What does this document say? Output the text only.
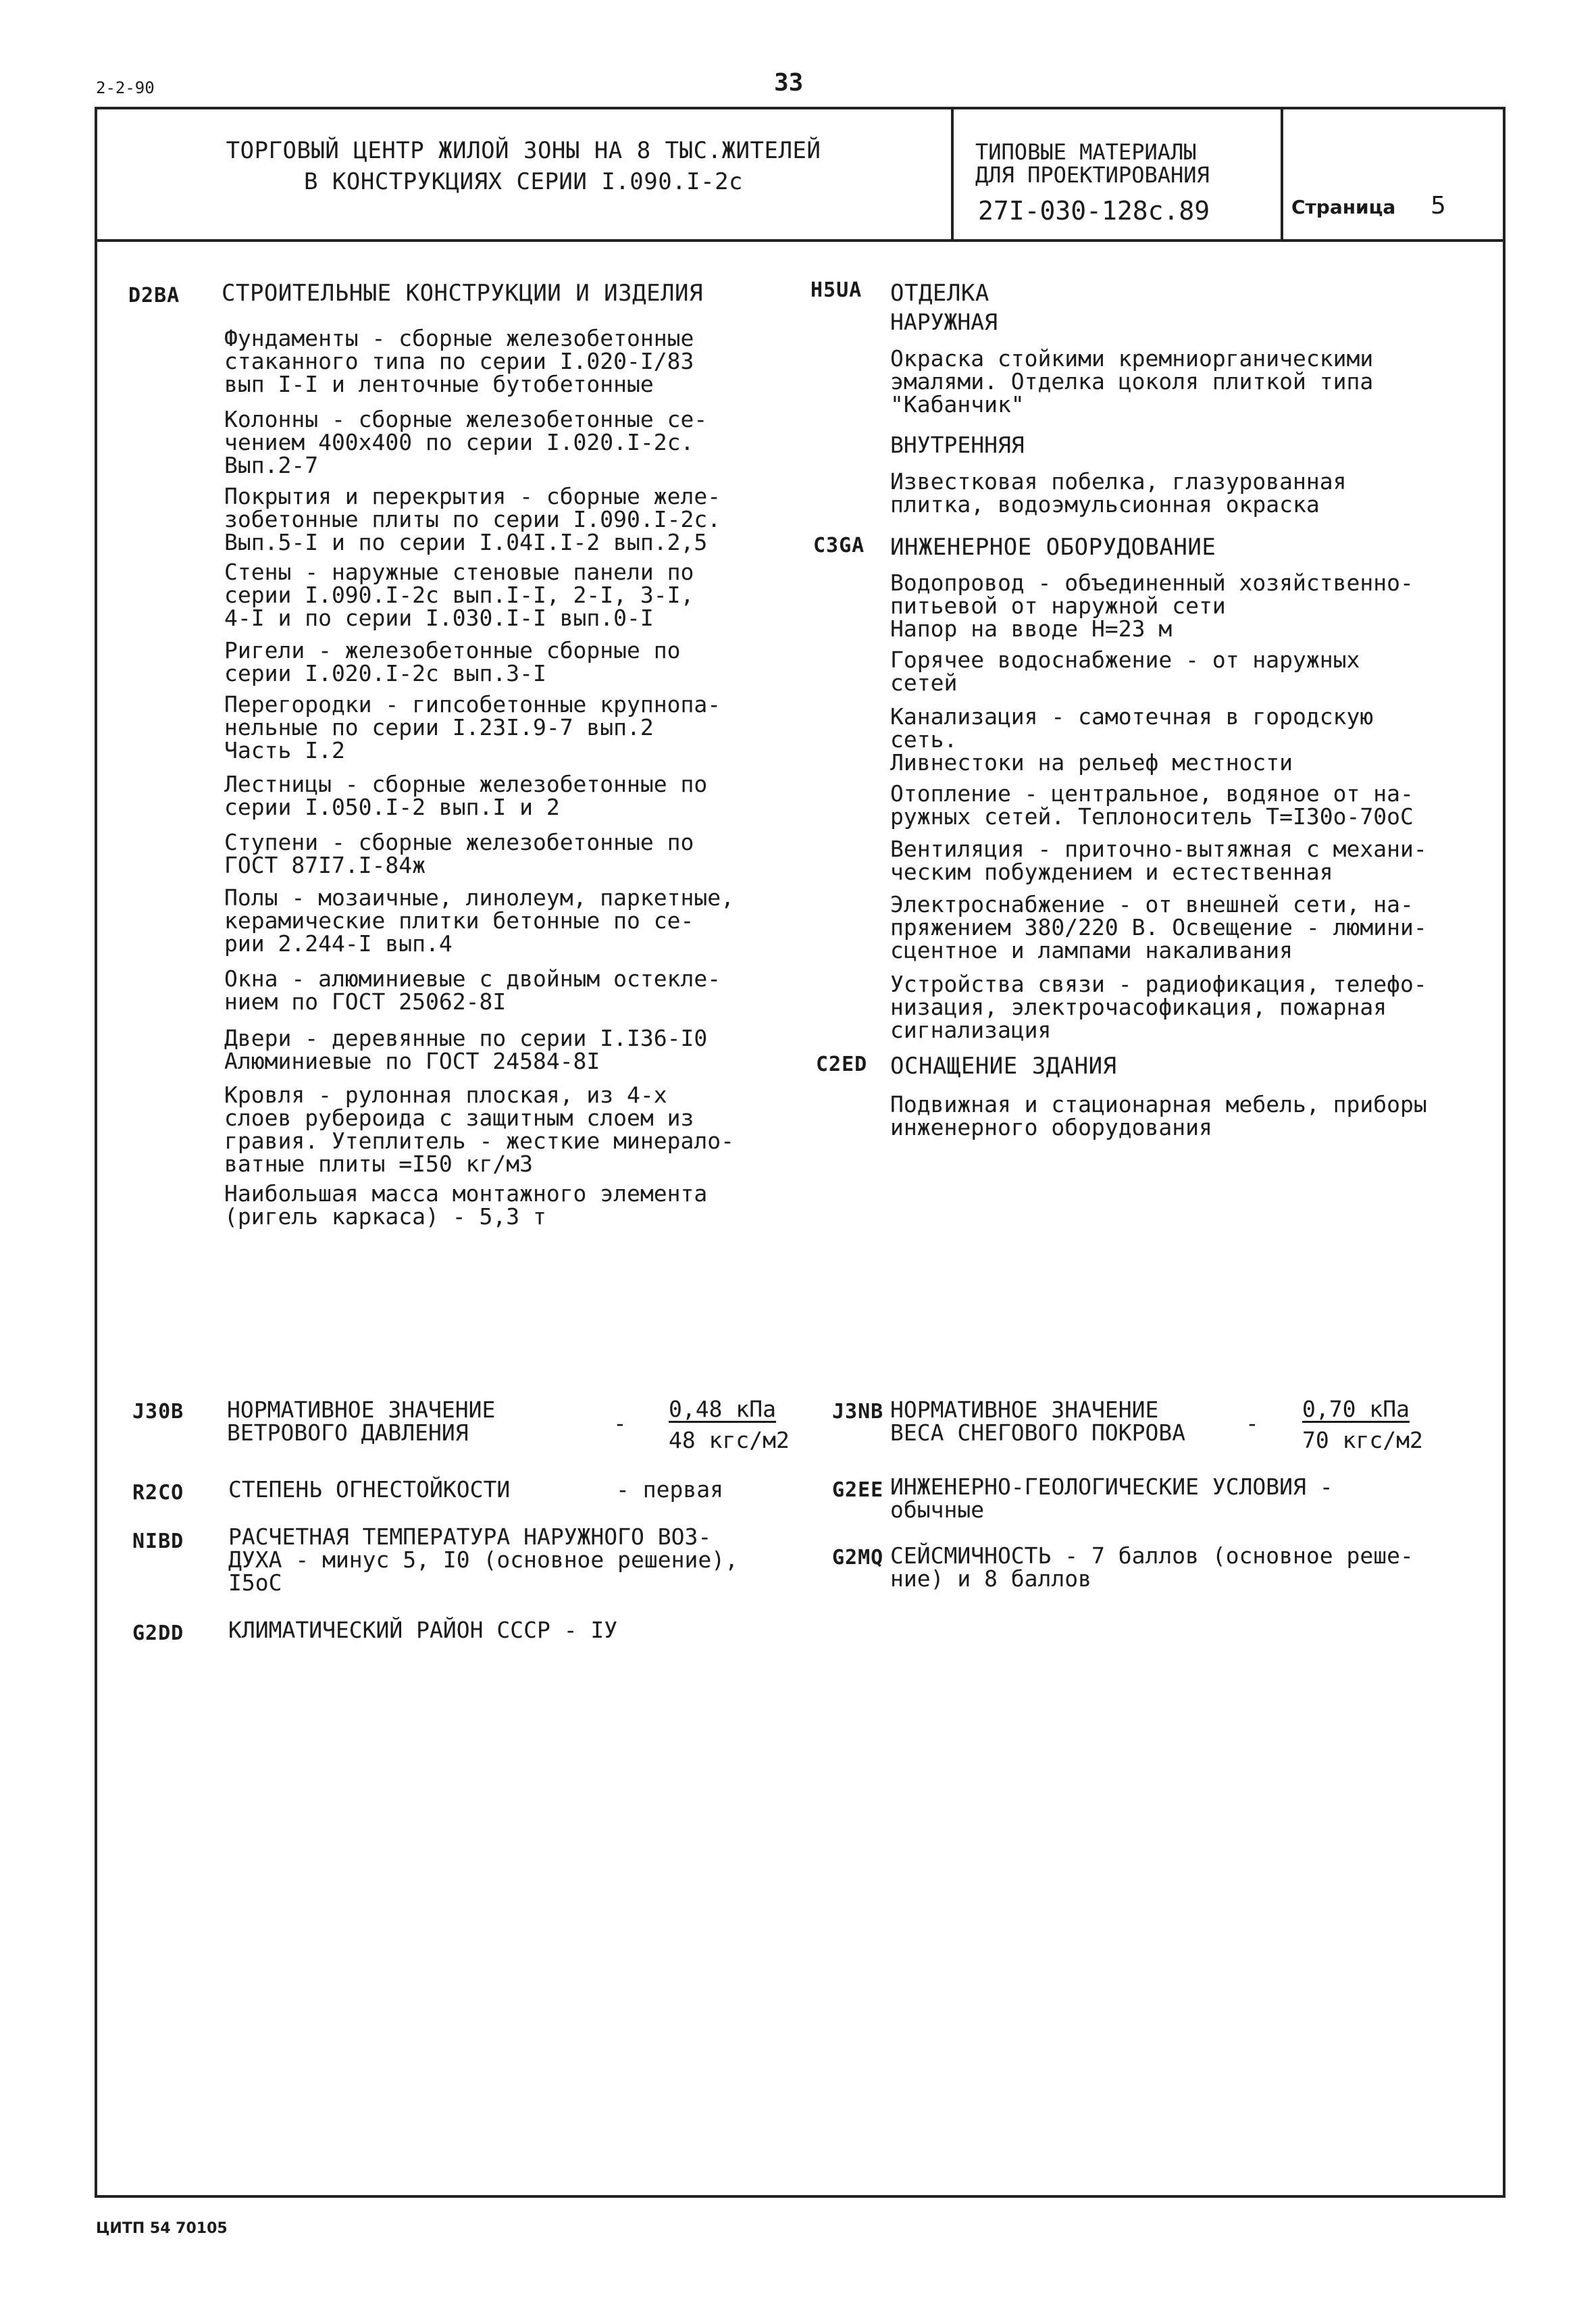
2-2-90	33
ТОРГОВЫЙ ЦЕНТР ЖИЛОЙ ЗОНЫ НА 8 ТЫС.ЖИТЕЛЕЙ
В КОНСТРУКЦИЯХ СЕРИИ I.090.I-2с
ТИПОВЫЕ МАТЕРИАЛЫ
ДЛЯ ПРОЕКТИРОВАНИЯ
27I-030-128с.89	Страница 5
D2BA СТРОИТЕЛЬНЫЕ КОНСТРУКЦИИ И ИЗДЕЛИЯ
Фундаменты - сборные железобетонные
стаканного типа по серии I.020-I/83
вып I-I и ленточные бутобетонные
Колонны - сборные железобетонные се-
чением 400x400 по серии I.020.I-2с.
Вып.2-7
Покрытия и перекрытия - сборные желе-
зобетонные плиты по серии I.090.I-2с.
Вып.5-I и по серии I.04I.I-2 вып.2,5
Стены - наружные стеновые панели по
серии I.090.I-2с вып.I-I, 2-I, 3-I,
4-I и по серии I.030.I-I вып.0-I
Ригели - железобетонные сборные по
серии I.020.I-2с вып.3-I
Перегородки - гипсобетонные крупнопа-
нельные по серии I.23I.9-7 вып.2
Часть I.2
Лестницы - сборные железобетонные по
серии I.050.I-2 вып.I и 2
Ступени - сборные железобетонные по
ГОСТ 87I7.I-84ж
Полы - мозаичные, линолеум, паркетные,
керамические плитки бетонные по се-
рии 2.244-I вып.4
Окна - алюминиевые с двойным остекле-
нием по ГОСТ 25062-8I
Двери - деревянные по серии I.I36-I0
Алюминиевые по ГОСТ 24584-8I
Кровля - рулонная плоская, из 4-х
слоев рубероида с защитным слоем из
гравия. Утеплитель - жесткие минерало-
ватные плиты =I50 кг/м3
Наибольшая масса монтажного элемента
(ригель каркаса) - 5,3 т
H5UA ОТДЕЛКА
НАРУЖНАЯ
Окраска стойкими кремниорганическими
эмалями. Отделка цоколя плиткой типа
"Кабанчик"
ВНУТРЕННЯЯ
Известковая побелка, глазурованная
плитка, водоэмульсионная окраска
C3GA ИНЖЕНЕРНОЕ ОБОРУДОВАНИЕ
Водопровод - объединенный хозяйственно-
питьевой от наружной сети
Напор на вводе Н=23 м
Горячее водоснабжение - от наружных
сетей
Канализация - самотечная в городскую
сеть.
Ливнестоки на рельеф местности
Отопление - центральное, водяное от на-
ружных сетей. Теплоноситель Т=I30о-70оС
Вентиляция - приточно-вытяжная с механи-
ческим побуждением и естественная
Электроснабжение - от внешней сети, на-
пряжением 380/220 В. Освещение - люмини-
сцентное и лампами накаливания
Устройства связи - радиофикация, телефо-
низация, электрочасофикация, пожарная
сигнализация
C2ED ОСНАЩЕНИЕ ЗДАНИЯ
Подвижная и стационарная мебель, приборы
инженерного оборудования
J30B НОРМАТИВНОЕ ЗНАЧЕНИЕ
ВЕТРОВОГО ДАВЛЕНИЯ	-
0,48 кПа
48 кгс/м2
J3NB НОРМАТИВНОЕ ЗНАЧЕНИЕ
ВЕСА СНЕГОВОГО ПОКРОВА	-
0,70 кПа
70 кгс/м2
R2CO СТЕПЕНЬ ОГНЕСТОЙКОСТИ	- первая	G2EE ИНЖЕНЕРНО-ГЕОЛОГИЧЕСКИЕ УСЛОВИЯ -
обычные
NIBD РАСЧЕТНАЯ ТЕМПЕРАТУРА НАРУЖНОГО ВОЗ-
ДУХА - минус 5, I0 (основное решение),
I5оС
G2MQ СЕЙСМИЧНОСТЬ - 7 баллов (основное реше-
ние) и 8 баллов
G2DD КЛИМАТИЧЕСКИЙ РАЙОН СССР - IУ
ЦИТП 54 70105
